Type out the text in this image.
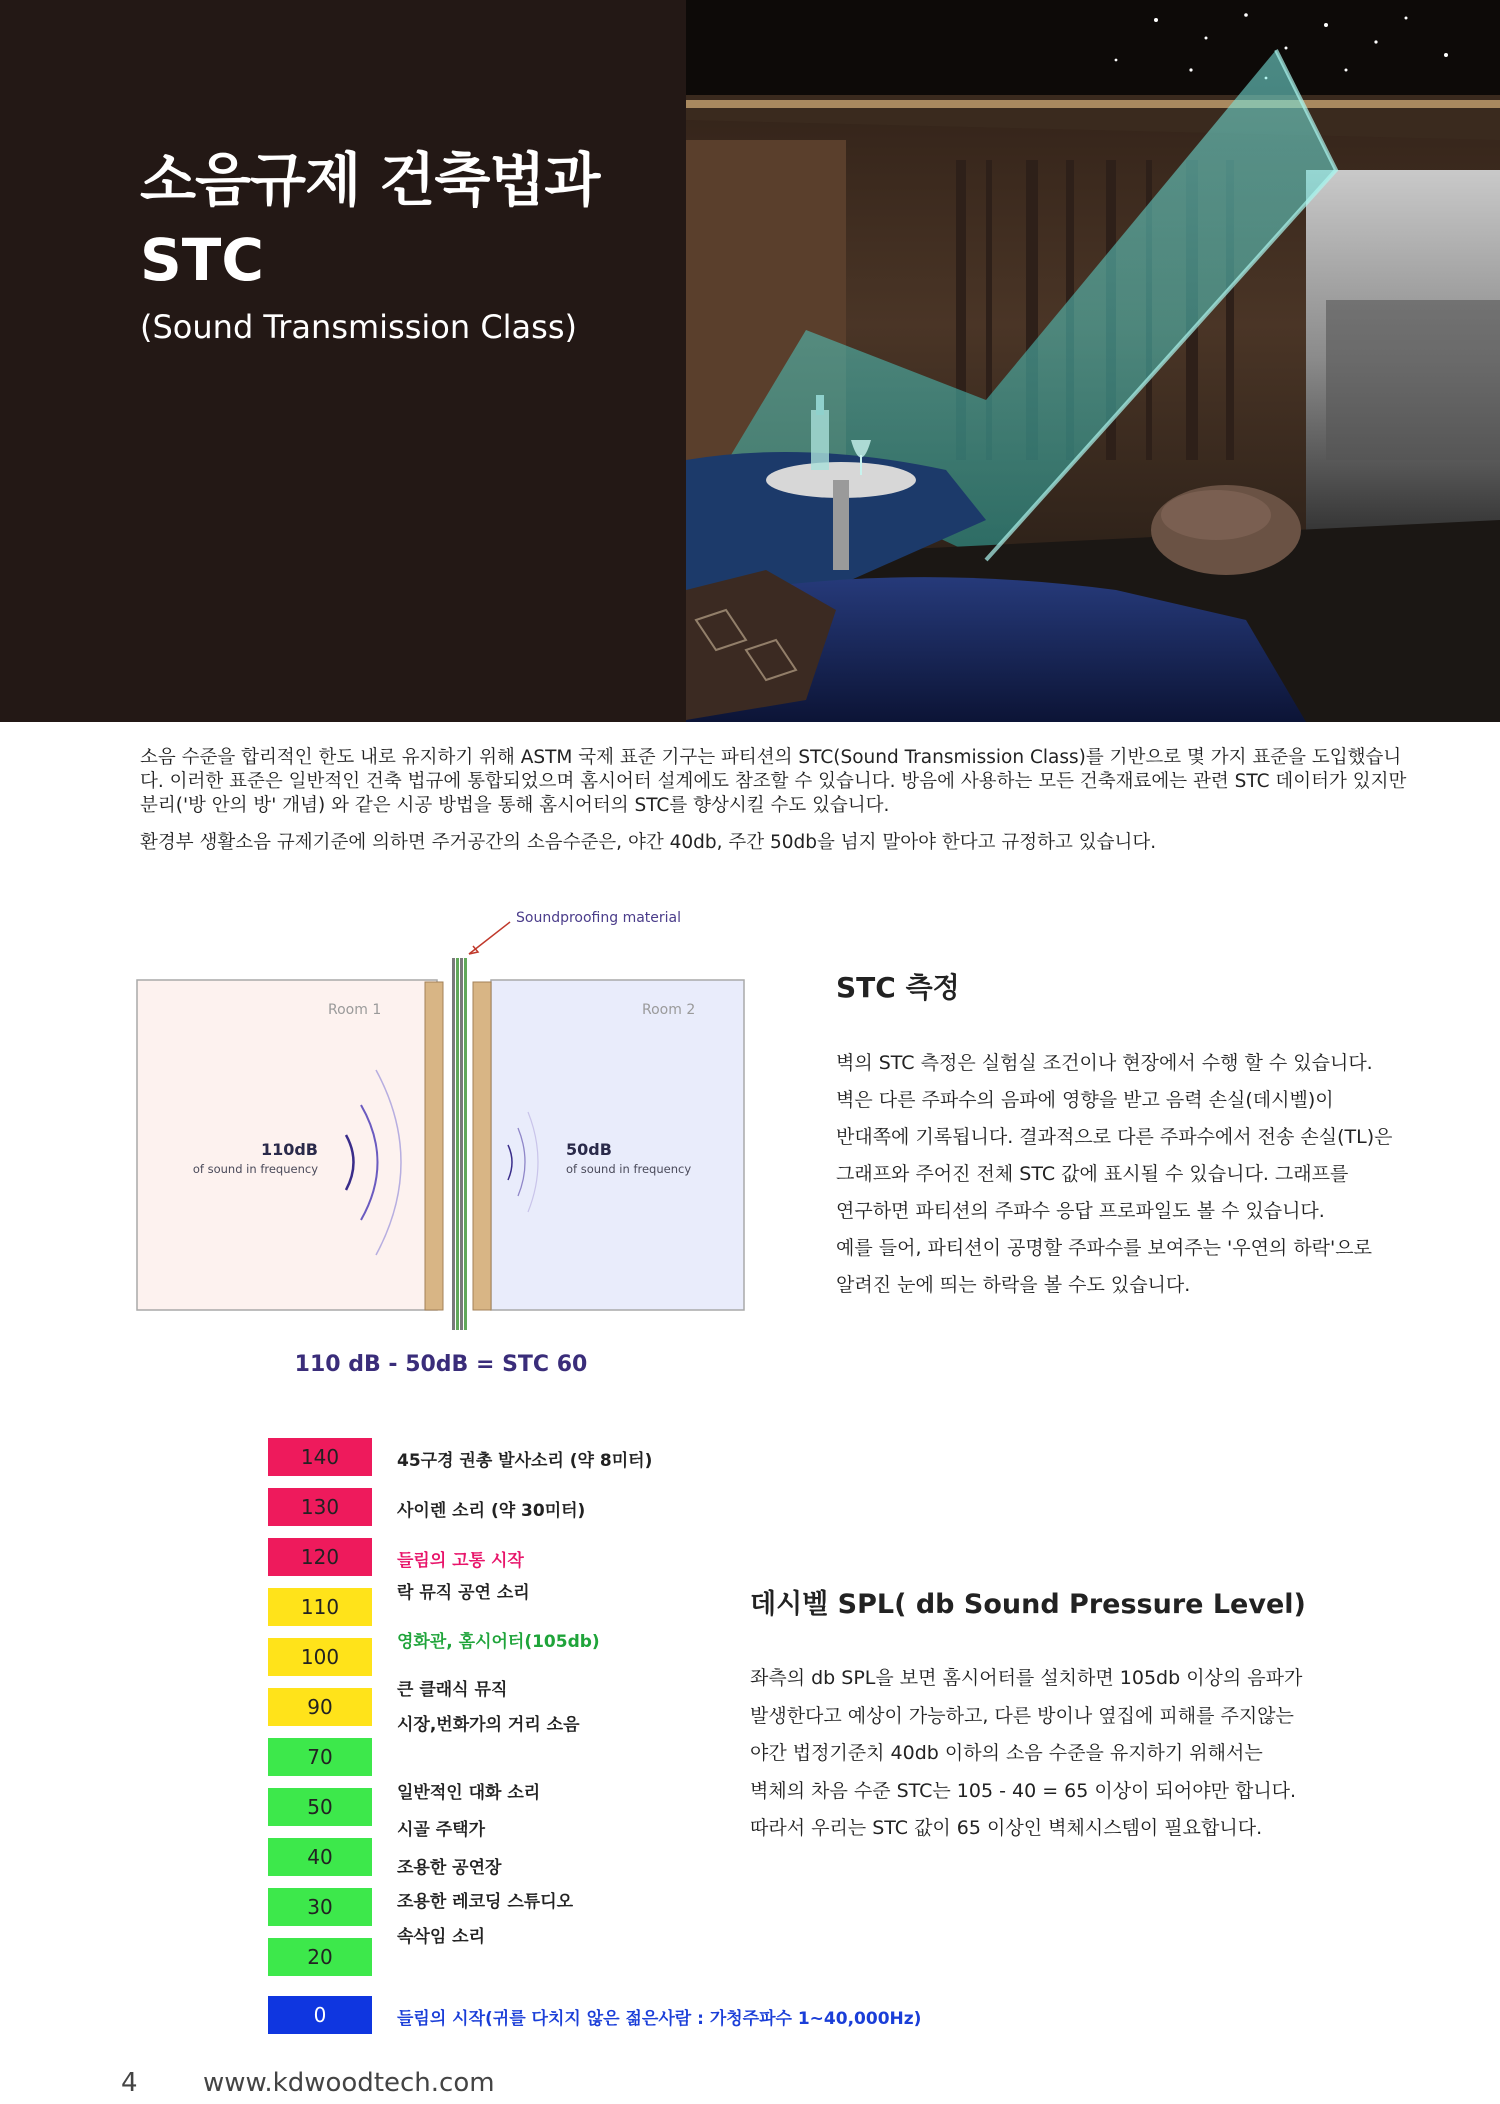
소음규제 건축법과
STC
(Sound Transmission Class)

소음 수준을 합리적인 한도 내로 유지하기 위해 ASTM 국제 표준 기구는 파티션의 STC(Sound Transmission Class)를 기반으로 몇 가지 표준을 도입했습니다. 이러한 표준은 일반적인 건축 법규에 통합되었으며 홈시어터 설계에도 참조할 수 있습니다. 방음에 사용하는 모든 건축재료에는 관련 STC 데이터가 있지만 분리('방 안의 방' 개념) 와 같은 시공 방법을 통해 홈시어터의 STC를 향상시킬 수도 있습니다.

환경부 생활소음 규제기준에 의하면 주거공간의 소음수준은, 야간 40db, 주간 50db을 넘지 말아야 한다고 규정하고 있습니다.

Soundproofing material
Room 1	Room 2
110dB
of sound in frequency
50dB
of sound in frequency
110 dB - 50dB = STC 60
STC 측정
벽의 STC 측정은 실험실 조건이나 현장에서 수행 할 수 있습니다.
벽은 다른 주파수의 음파에 영향을 받고 음력 손실(데시벨)이
반대쪽에 기록됩니다. 결과적으로 다른 주파수에서 전송 손실(TL)은
그래프와 주어진 전체 STC 값에 표시될 수 있습니다. 그래프를
연구하면 파티션의 주파수 응답 프로파일도 볼 수 있습니다.
예를 들어, 파티션이 공명할 주파수를 보여주는 '우연의 하락'으로
알려진 눈에 띄는 하락을 볼 수도 있습니다.
140
130
120
110
100
90
70
50
40
30
20
0
45구경 권총 발사소리 (약 8미터)
사이렌 소리 (약 30미터)
들림의 고통 시작
락 뮤직 공연 소리
영화관, 홈시어터(105db)
큰 클래식 뮤직
시장,번화가의 거리 소음
일반적인 대화 소리
시골 주택가
조용한 공연장
조용한 레코딩 스튜디오
속삭임 소리
들림의 시작(귀를 다치지 않은 젊은사람 : 가청주파수 1~40,000Hz)
데시벨 SPL( db Sound Pressure Level)
좌측의 db SPL을 보면 홈시어터를 설치하면 105db 이상의 음파가
발생한다고 예상이 가능하고, 다른 방이나 옆집에 피해를 주지않는
야간 법정기준치 40db 이하의 소음 수준을 유지하기 위해서는
벽체의 차음 수준 STC는 105 - 40 = 65 이상이 되어야만 합니다.
따라서 우리는 STC 값이 65 이상인 벽체시스템이 필요합니다.
4	www.kdwoodtech.com
